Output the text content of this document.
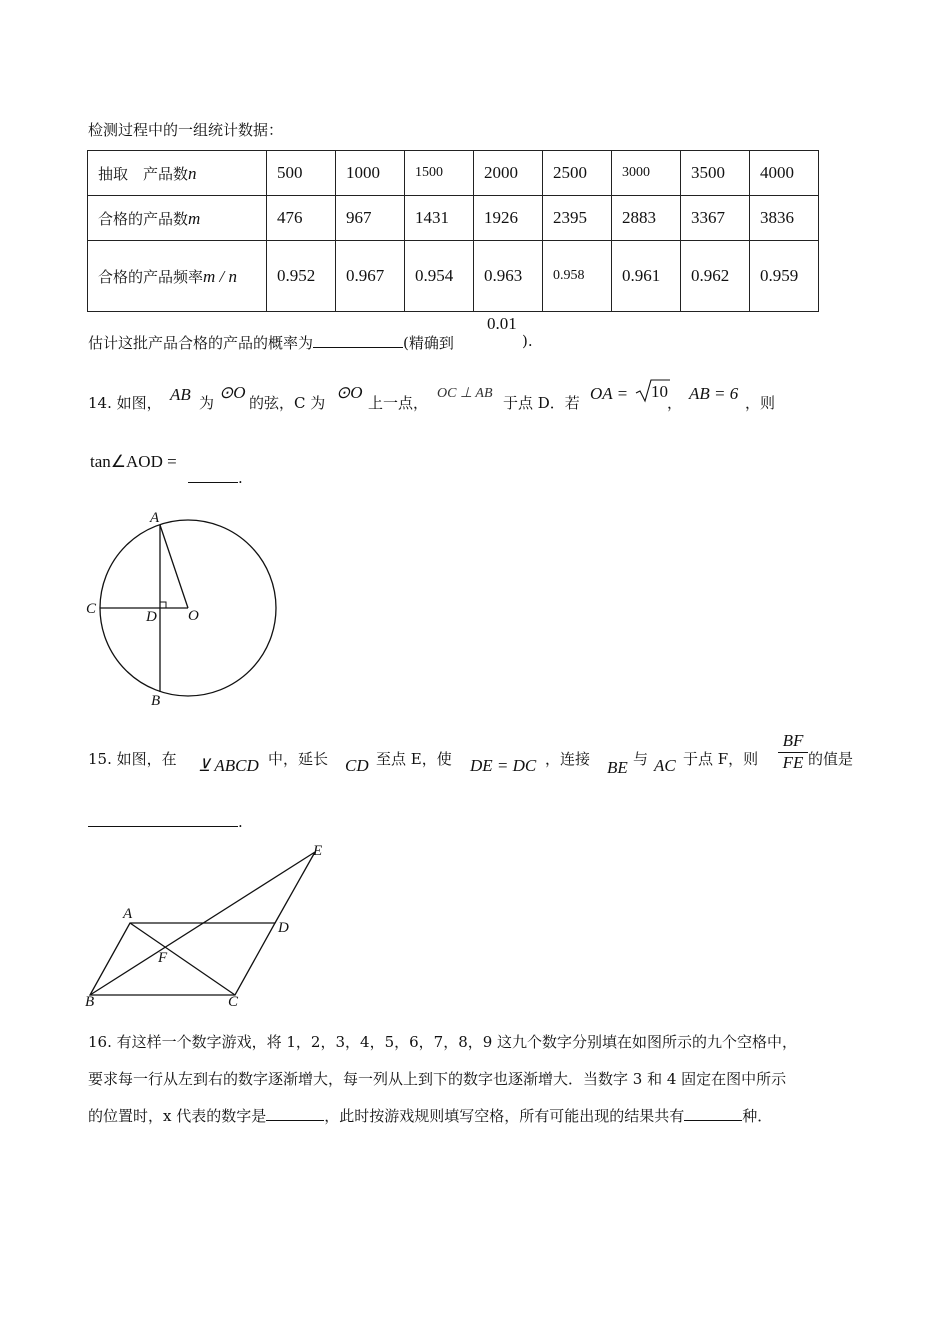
检测过程中的一组统计数据：
抽取　产品数n	500	1000	1500	2000	2500	3000	3500	4000
合格的产品数m	476	967	1431	1926	2395	2883	3367	3836
合格的产品频率m / n	0.952	0.967	0.954	0.963	0.958	0.961	0.962	0.959
估计这批产品合格的产品的概率为	(精确到
0.01
).
14. 如图， AB 为
⊙O
的弦，C 为
⊙O
上一点，
OC ⊥ AB
于点 D．若 OA = 10
， AB = 6 ，则
tan∠AOD =
.
A
B
C	D O
15. 如图，在 ⊻ ABCD 中，延长 CD 至点 E，使 DE = DC ，连接 BE 与 AC 于点 F，则 $\frac{BF}{FE}$ 的值是
.
A
D
E
F
B	C
16. 有这样一个数字游戏，将 1，2，3，4，5，6，7，8，9 这九个数字分别填在如图所示的九个空格中，
要求每一行从左到右的数字逐渐增大，每一列从上到下的数字也逐渐增大．当数字 3 和 4 固定在图中所示
的位置时，x 代表的数字是	，此时按游戏规则填写空格，所有可能出现的结果共有	种．
